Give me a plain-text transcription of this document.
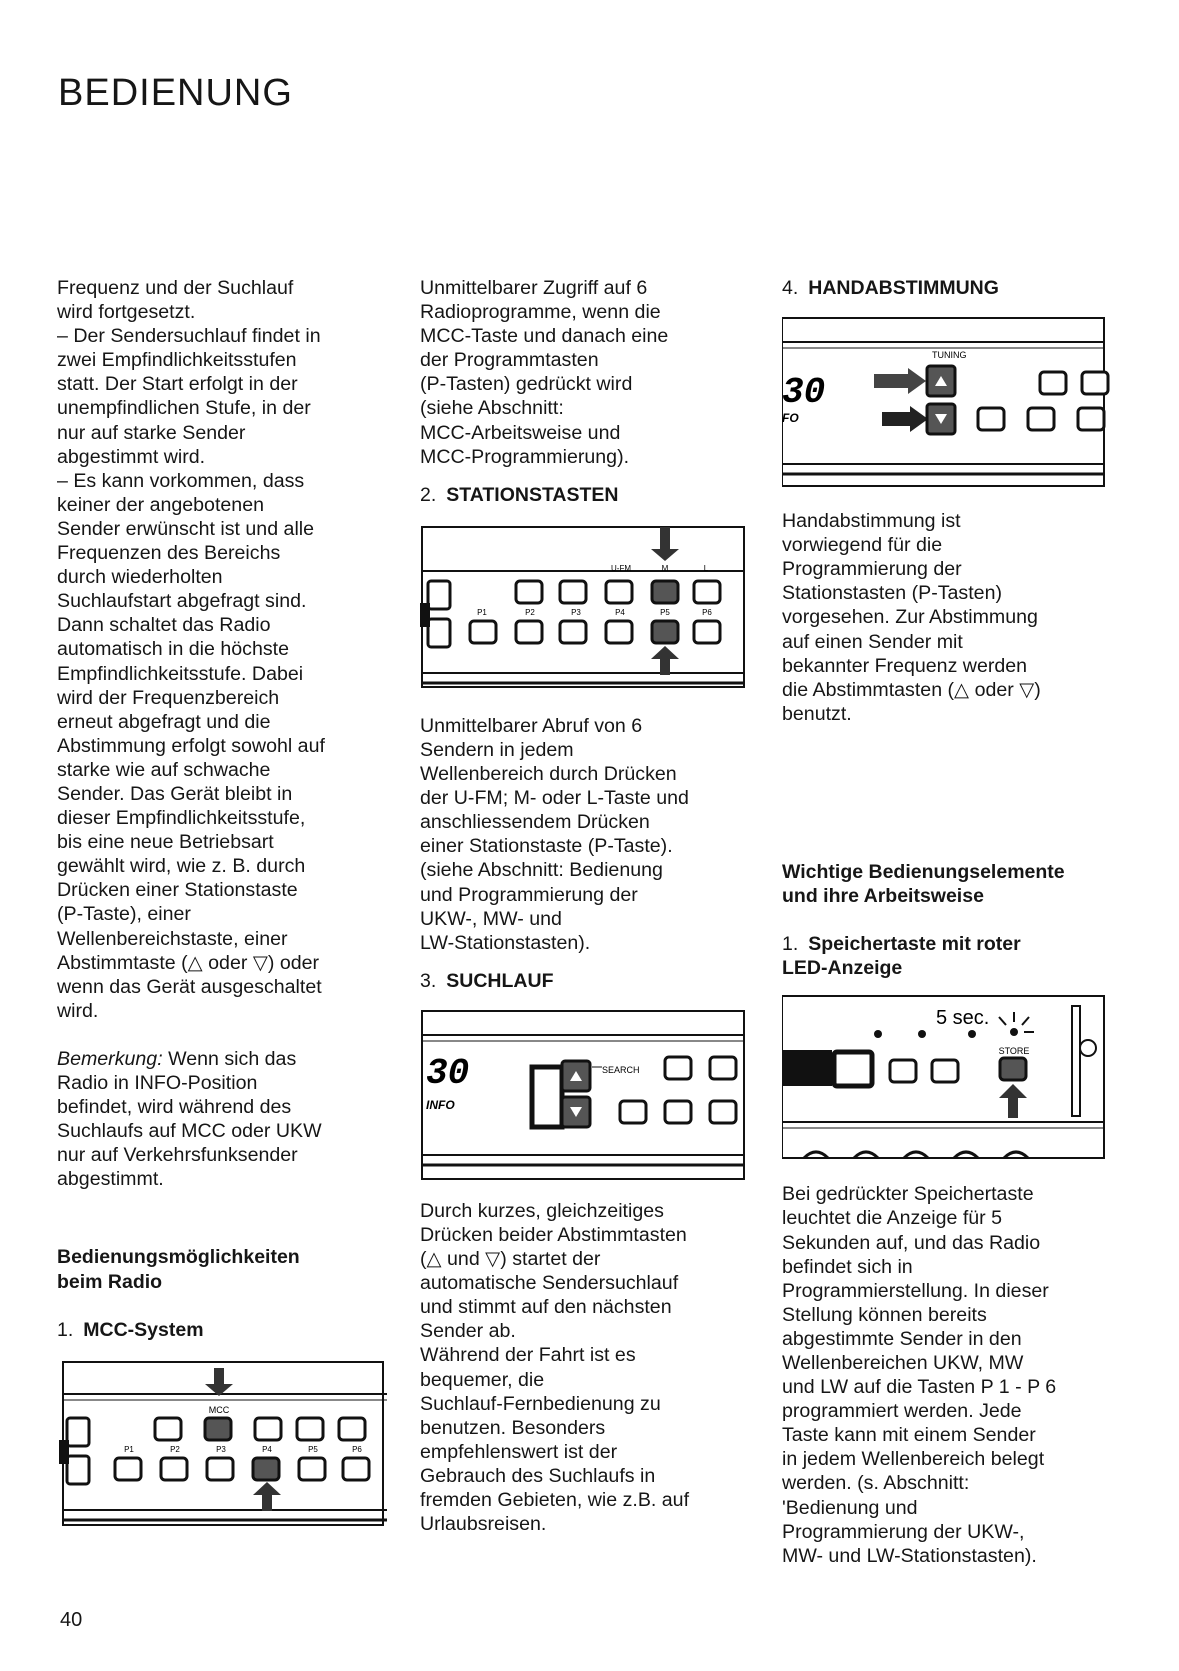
BEDIENUNG

Frequenz und der Suchlauf

wird fortgesetzt.

– Der Sendersuchlauf findet in

zwei Empfindlichkeitsstufen

statt. Der Start erfolgt in der

unempfindlichen Stufe, in der

nur auf starke Sender

abgestimmt wird.

– Es kann vorkommen, dass

keiner der angebotenen

Sender erwünscht ist und alle

Frequenzen des Bereichs

durch wiederholten

Suchlaufstart abgefragt sind.

Dann schaltet das Radio

automatisch in die höchste

Empfindlichkeitsstufe. Dabei

wird der Frequenzbereich

erneut abgefragt und die

Abstimmung erfolgt sowohl auf

starke wie auf schwache

Sender. Das Gerät bleibt in

dieser Empfindlichkeitsstufe,

bis eine neue Betriebsart

gewählt wird, wie z. B. durch

Drücken einer Stationstaste

(P-Taste), einer

Wellenbereichstaste, einer

Abstimmtaste (△ oder ▽) oder

wenn das Gerät ausgeschaltet

wird.

Bemerkung: Wenn sich das

Radio in INFO-Position

befindet, wird während des

Suchlaufs auf MCC oder UKW

nur auf Verkehrsfunksender

abgestimmt.

Bedienungsmöglichkeiten

beim Radio

1. MCC-System

MCC
P1	P2	P3	P4	P5	P6

Unmittelbarer Zugriff auf 6

Radioprogramme, wenn die

MCC-Taste und danach eine

der Programmtasten

(P-Tasten) gedrückt wird

(siehe Abschnitt:

MCC-Arbeitsweise und

MCC-Programmierung).

2. STATIONSTASTEN

U-FM	M	L
P1	P2	P3	P4	P5	P6

Unmittelbarer Abruf von 6

Sendern in jedem

Wellenbereich durch Drücken

der U-FM; M- oder L-Taste und

anschliessendem Drücken

einer Stationstaste (P-Taste).

(siehe Abschnitt: Bedienung

und Programmierung der

UKW-, MW- und

LW-Stationstasten).

3. SUCHLAUF

30
INFO
SEARCH

Durch kurzes, gleichzeitiges

Drücken beider Abstimmtasten

(△ und ▽) startet der

automatische Sendersuchlauf

und stimmt auf den nächsten

Sender ab.

Während der Fahrt ist es

bequemer, die

Suchlauf-Fernbedienung zu

benutzen. Besonders

empfehlenswert ist der

Gebrauch des Suchlaufs in

fremden Gebieten, wie z.B. auf

Urlaubsreisen.

4. HANDABSTIMMUNG

TUNING
30
FO

Handabstimmung ist

vorwiegend für die

Programmierung der

Stationstasten (P-Tasten)

vorgesehen. Zur Abstimmung

auf einen Sender mit

bekannter Frequenz werden

die Abstimmtasten (△ oder ▽)

benutzt.

Wichtige Bedienungselemente

und ihre Arbeitsweise

1. Speichertaste mit roter

LED-Anzeige

5 sec.
STORE

Bei gedrückter Speichertaste

leuchtet die Anzeige für 5

Sekunden auf, und das Radio

befindet sich in

Programmierstellung. In dieser

Stellung können bereits

abgestimmte Sender in den

Wellenbereichen UKW, MW

und LW auf die Tasten P 1 - P 6

programmiert werden. Jede

Taste kann mit einem Sender

in jedem Wellenbereich belegt

werden. (s. Abschnitt:

'Bedienung und

Programmierung der UKW-,

MW- und LW-Stationstasten).

40
